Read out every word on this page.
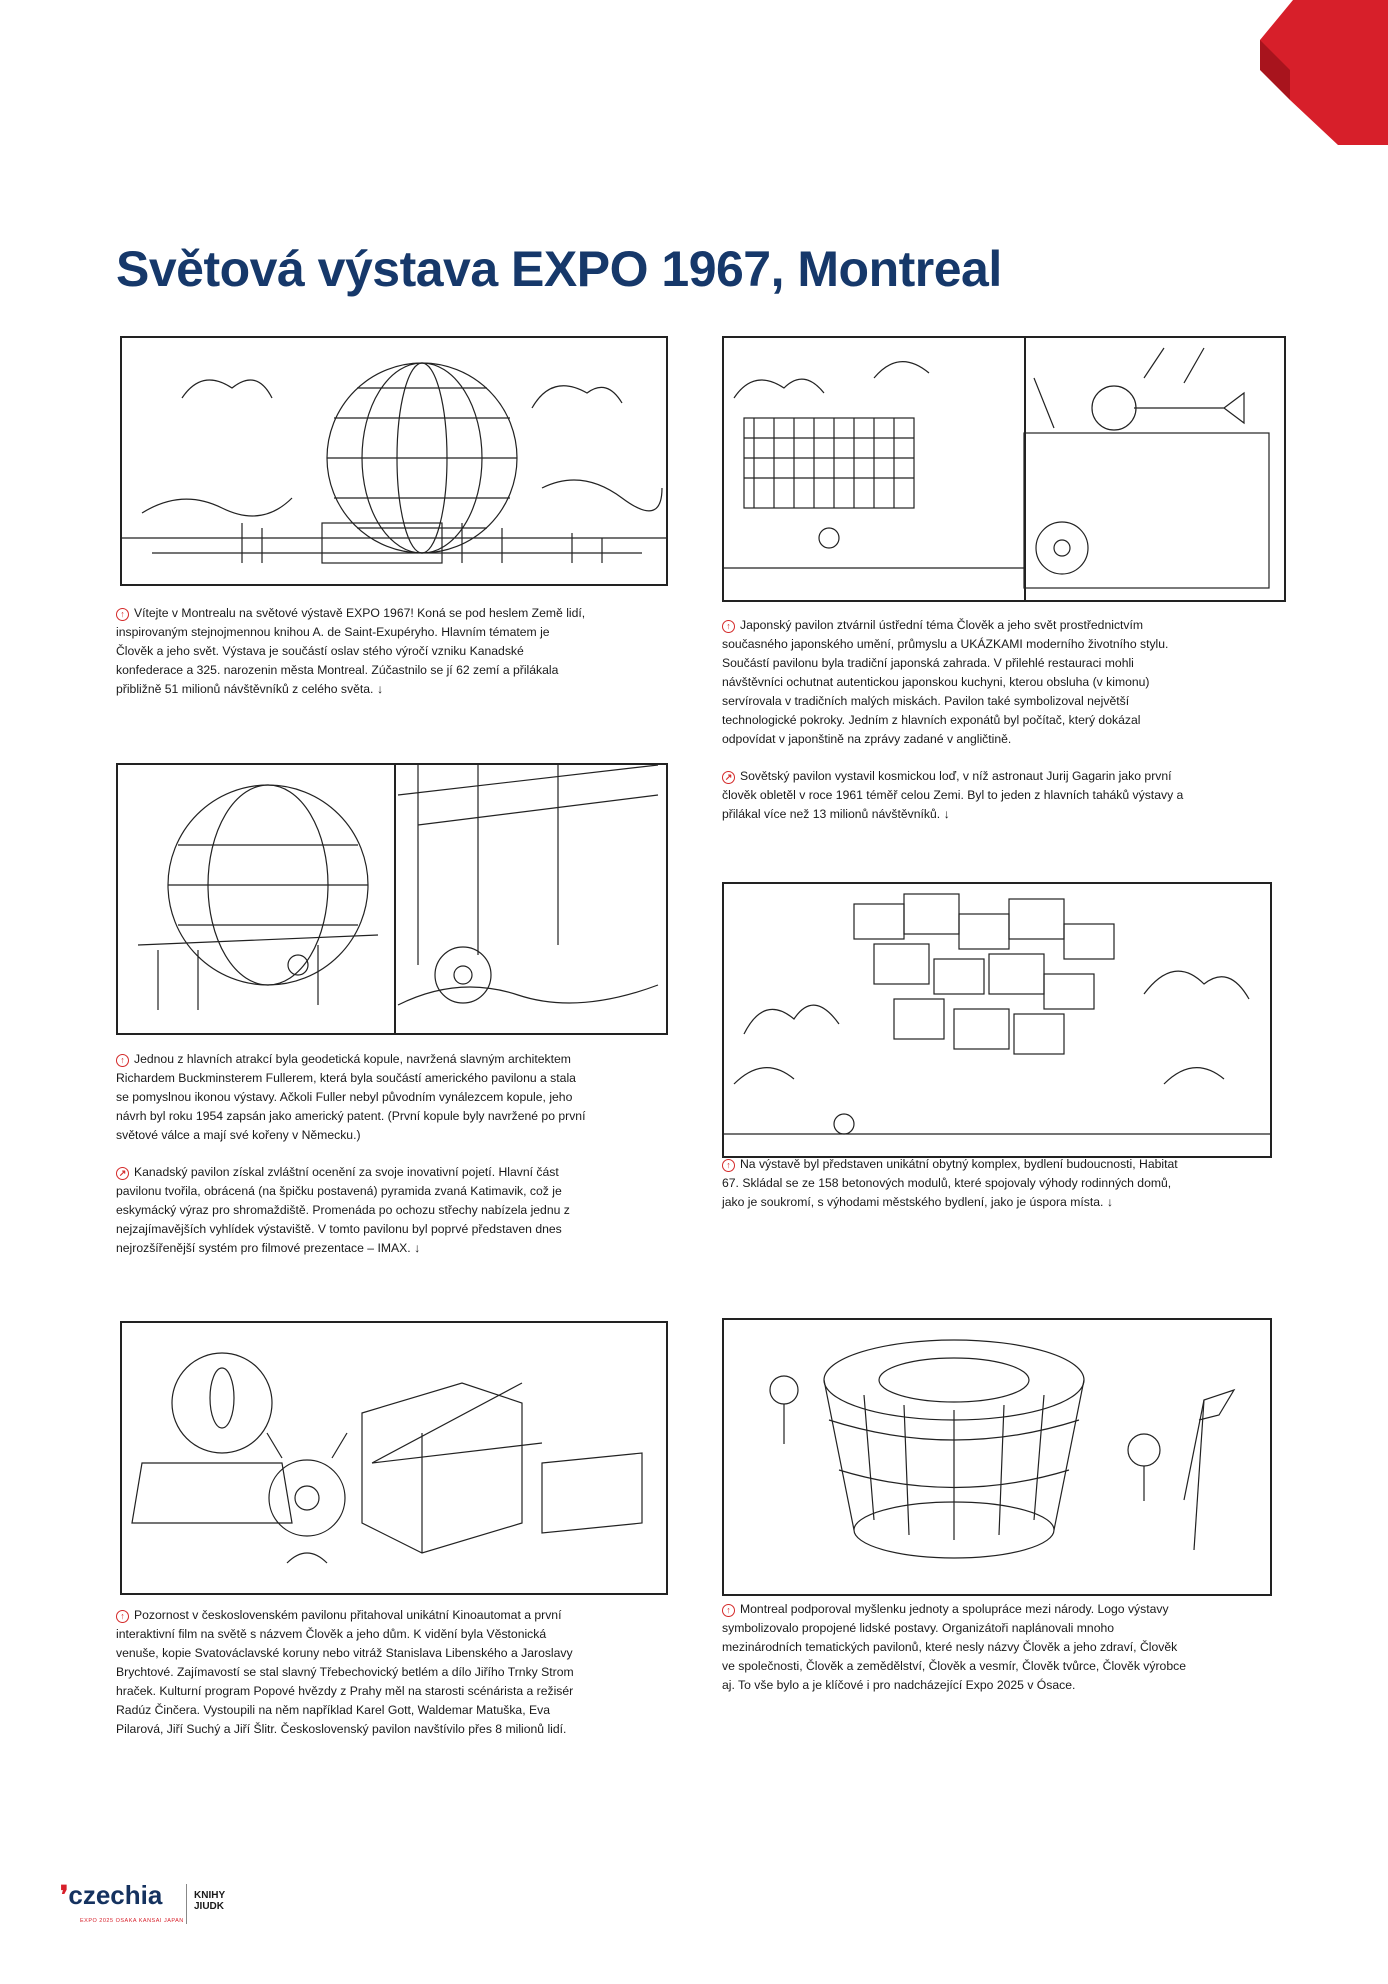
Světová výstava EXPO 1967, Montreal

↑ Vítejte v Montrealu na světové výstavě EXPO 1967! Koná se pod heslem Země lidí, inspirovaným stejnojmennou knihou A. de Saint-Exupéryho. Hlavním tématem je Člověk a jeho svět. Výstava je součástí oslav stého výročí vzniku Kanadské konfederace a 325. narozenin města Montreal. Zúčastnilo se jí 62 zemí a přilákala přibližně 51 milionů návštěvníků z celého světa. ↓

↑ Japonský pavilon ztvárnil ústřední téma Člověk a jeho svět prostřednictvím současného japonského umění, průmyslu a UKÁZKAMI moderního životního stylu. Součástí pavilonu byla tradiční japonská zahrada. V přilehlé restauraci mohli návštěvníci ochutnat autentickou japonskou kuchyni, kterou obsluha (v kimonu) servírovala v tradičních malých miskách. Pavilon také symbolizoval největší technologické pokroky. Jedním z hlavních exponátů byl počítač, který dokázal odpovídat v japonštině na zprávy zadané v angličtině.

↗ Sovětský pavilon vystavil kosmickou loď, v níž astronaut Jurij Gagarin jako první člověk obletěl v roce 1961 téměř celou Zemi. Byl to jeden z hlavních taháků výstavy a přilákal více než 13 milionů návštěvníků. ↓

↑ Jednou z hlavních atrakcí byla geodetická kopule, navržená slavným architektem Richardem Buckminsterem Fullerem, která byla součástí amerického pavilonu a stala se pomyslnou ikonou výstavy. Ačkoli Fuller nebyl původním vynálezcem kopule, jeho návrh byl roku 1954 zapsán jako americký patent. (První kopule byly navržené po první světové válce a mají své kořeny v Německu.)

↗ Kanadský pavilon získal zvláštní ocenění za svoje inovativní pojetí. Hlavní část pavilonu tvořila, obrácená (na špičku postavená) pyramida zvaná Katimavik, což je eskymácký výraz pro shromaždiště. Promenáda po ochozu střechy nabízela jednu z nejzajímavějších vyhlídek výstaviště. V tomto pavilonu byl poprvé představen dnes nejrozšířenější systém pro filmové prezentace – IMAX. ↓

↑ Na výstavě byl představen unikátní obytný komplex, bydlení budoucnosti, Habitat 67. Skládal se ze 158 betonových modulů, které spojovaly výhody rodinných domů, jako je soukromí, s výhodami městského bydlení, jako je úspora místa. ↓

↑ Pozornost v československém pavilonu přitahoval unikátní Kinoautomat a první interaktivní film na světě s názvem Člověk a jeho dům. K vidění byla Věstonická venuše, kopie Svatováclavské koruny nebo vitráž Stanislava Libenského a Jaroslavy Brychtové. Zajímavostí se stal slavný Třebechovický betlém a dílo Jiřího Trnky Strom hraček. Kulturní program Popové hvězdy z Prahy měl na starosti scénárista a režisér Radúz Činčera. Vystoupili na něm například Karel Gott, Waldemar Matuška, Eva Pilarová, Jiří Suchý a Jiří Šlitr. Československý pavilon navštívilo přes 8 milionů lidí.

↑ Montreal podporoval myšlenku jednoty a spolupráce mezi národy. Logo výstavy symbolizovalo propojené lidské postavy. Organizátoři naplánovali mnoho mezinárodních tematických pavilonů, které nesly názvy Člověk a jeho zdraví, Člověk ve společnosti, Člověk a zemědělství, Člověk a vesmír, Člověk tvůrce, Člověk výrobce aj. To vše bylo a je klíčové i pro nadcházející Expo 2025 v Ósace.

❜czechia
EXPO 2025 OSAKA KANSAI JAPAN
KNIHY
JIUDK
